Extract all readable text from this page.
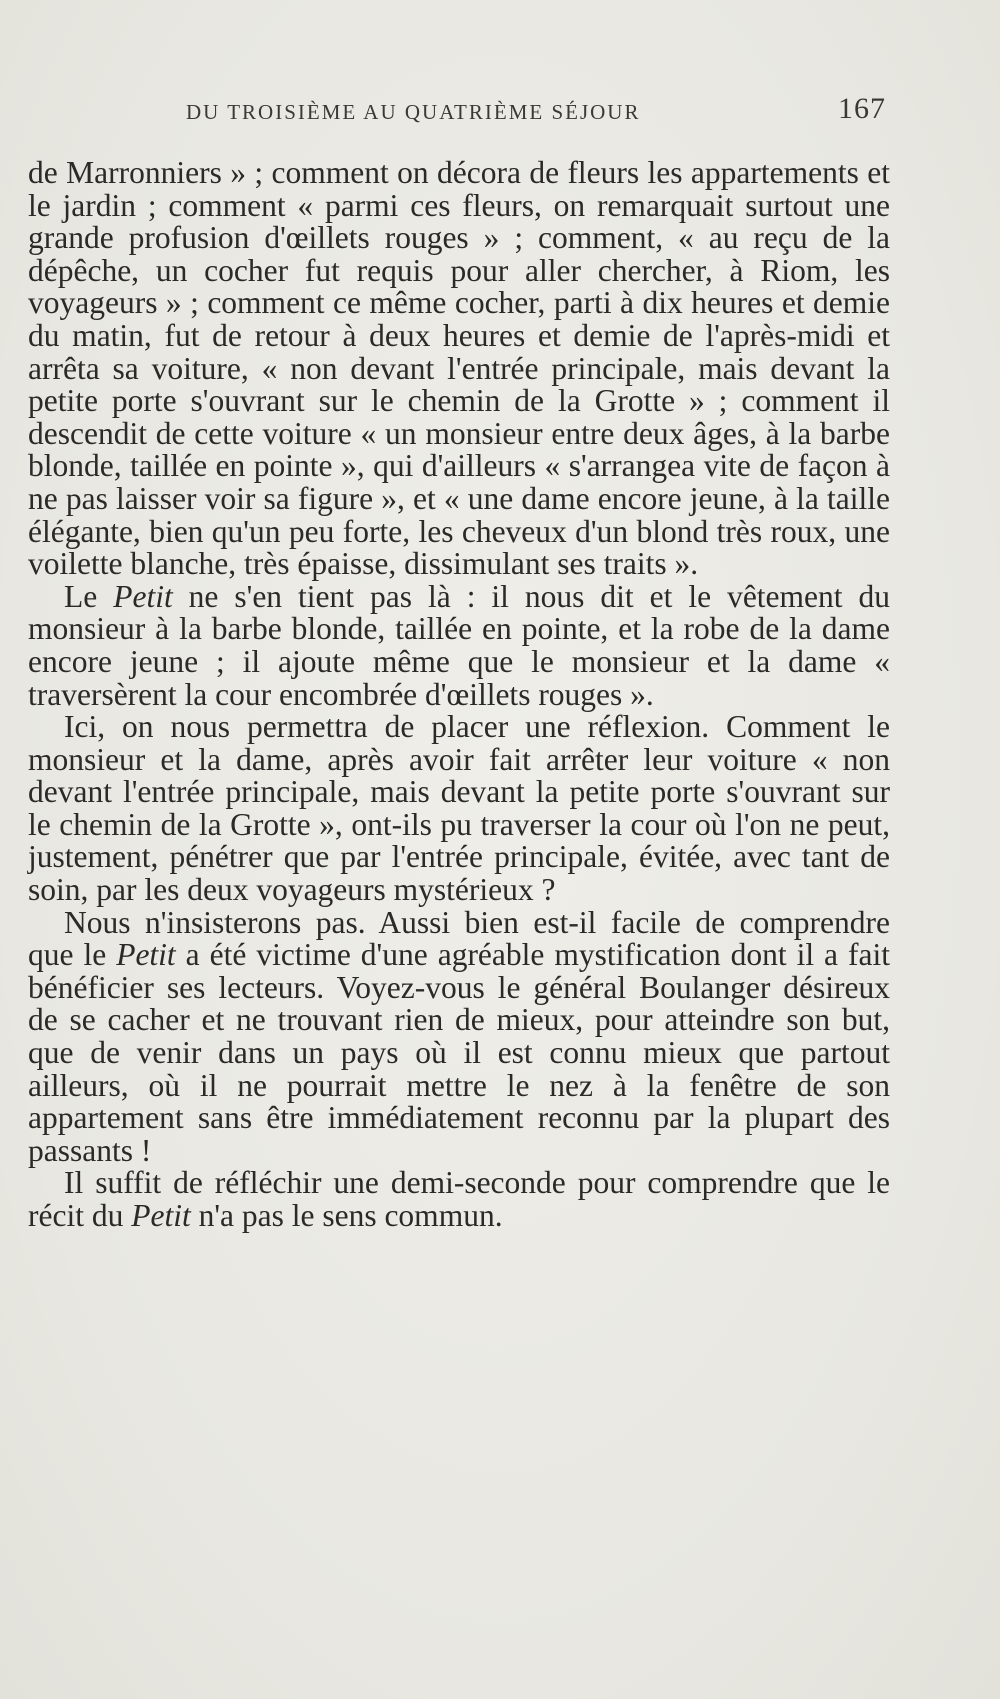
DU TROISIÈME AU QUATRIÈME SÉJOUR	167

de Marronniers » ; comment on décora de fleurs les appartements et le jardin ; comment « parmi ces fleurs, on remarquait surtout une grande profusion d'œillets rouges » ; comment, « au reçu de la dépêche, un cocher fut requis pour aller chercher, à Riom, les voyageurs » ; comment ce même cocher, parti à dix heures et demie du matin, fut de retour à deux heures et demie de l'après-midi et arrêta sa voiture, « non devant l'entrée principale, mais devant la petite porte s'ouvrant sur le chemin de la Grotte » ; comment il descendit de cette voiture « un monsieur entre deux âges, à la barbe blonde, taillée en pointe », qui d'ailleurs « s'arrangea vite de façon à ne pas laisser voir sa figure », et « une dame encore jeune, à la taille élégante, bien qu'un peu forte, les cheveux d'un blond très roux, une voilette blanche, très épaisse, dissimulant ses traits ».

Le Petit ne s'en tient pas là : il nous dit et le vêtement du monsieur à la barbe blonde, taillée en pointe, et la robe de la dame encore jeune ; il ajoute même que le monsieur et la dame « traversèrent la cour encombrée d'œillets rouges ».

Ici, on nous permettra de placer une réflexion. Comment le monsieur et la dame, après avoir fait arrêter leur voiture « non devant l'entrée principale, mais devant la petite porte s'ouvrant sur le chemin de la Grotte », ont-ils pu traverser la cour où l'on ne peut, justement, pénétrer que par l'entrée principale, évitée, avec tant de soin, par les deux voyageurs mystérieux ?

Nous n'insisterons pas. Aussi bien est-il facile de comprendre que le Petit a été victime d'une agréable mystification dont il a fait bénéficier ses lecteurs. Voyez-vous le général Boulanger désireux de se cacher et ne trouvant rien de mieux, pour atteindre son but, que de venir dans un pays où il est connu mieux que partout ailleurs, où il ne pourrait mettre le nez à la fenêtre de son appartement sans être immédiatement reconnu par la plupart des passants !

Il suffit de réfléchir une demi-seconde pour comprendre que le récit du Petit n'a pas le sens commun.
